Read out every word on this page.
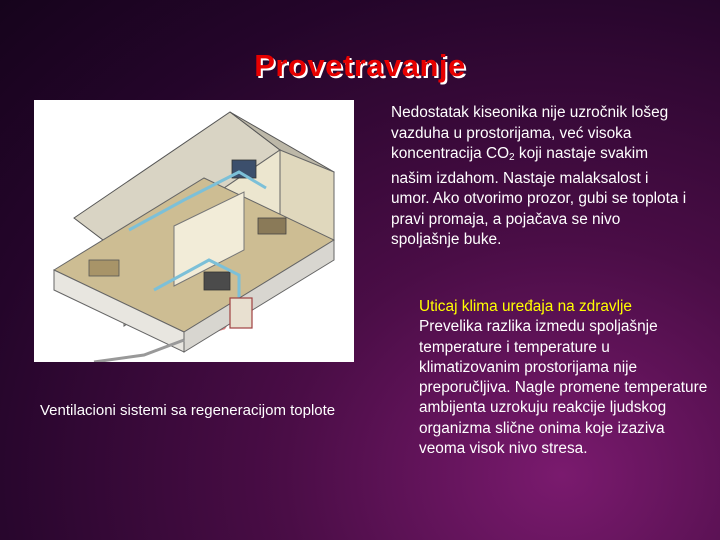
Provetravanje
Ventilacioni sistemi sa regeneracijom toplote
Nedostatak kiseonika nije uzročnik lošeg vazduha u prostorijama, već visoka koncentracija $CO_2$ koji nastaje svakim našim izdahom. Nastaje malaksalost i umor. Ako otvorimo prozor, gubi se toplota i pravi promaja, a pojačava se nivo spoljašnje buke.
Uticaj klima uređaja na zdravlje
Prevelika razlika izmedu spoljašnje temperature i temperature u klimatizovanim prostorijama nije preporučljiva. Nagle promene temperature ambijenta uzrokuju reakcije ljudskog organizma slične onima koje izaziva veoma visok nivo stresa.
